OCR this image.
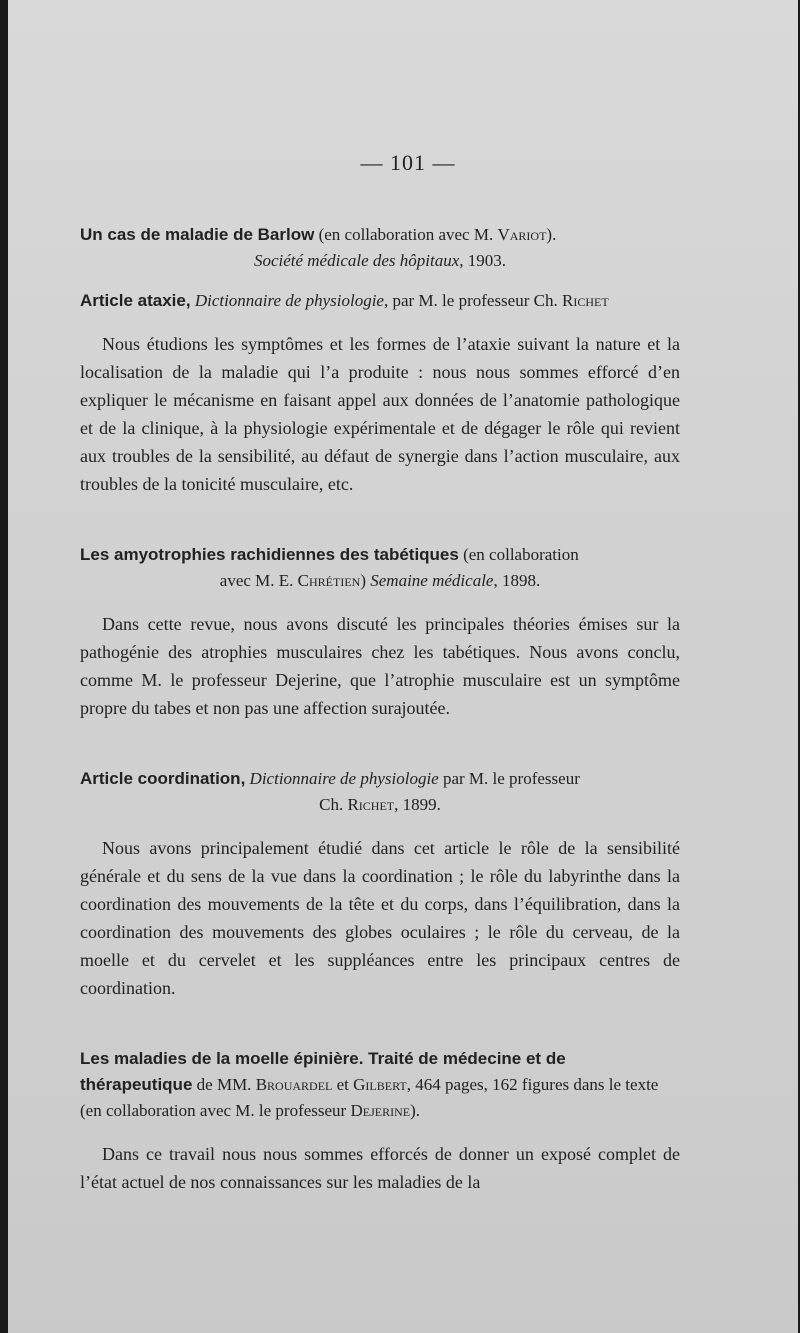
— 101 —

Un cas de maladie de Barlow (en collaboration avec M. Variot).

Société médicale des hôpitaux, 1903.

Article ataxie, Dictionnaire de physiologie, par M. le professeur Ch. Richet

Nous étudions les symptômes et les formes de l’ataxie suivant la nature et la localisation de la maladie qui l’a produite : nous nous sommes efforcé d’en expliquer le mécanisme en faisant appel aux données de l’anatomie pathologique et de la clinique, à la physiologie expérimentale et de dégager le rôle qui revient aux troubles de la sensibilité, au défaut de synergie dans l’action musculaire, aux troubles de la tonicité musculaire, etc.

Les amyotrophies rachidiennes des tabétiques (en collaboration

avec M. E. Chrétien) Semaine médicale, 1898.

Dans cette revue, nous avons discuté les principales théories émises sur la pathogénie des atrophies musculaires chez les tabétiques. Nous avons conclu, comme M. le professeur Dejerine, que l’atrophie musculaire est un symptôme propre du tabes et non pas une affection surajoutée.

Article coordination, Dictionnaire de physiologie par M. le professeur

Ch. Richet, 1899.

Nous avons principalement étudié dans cet article le rôle de la sensibilité générale et du sens de la vue dans la coordination ; le rôle du labyrinthe dans la coordination des mouvements de la tête et du corps, dans l’équilibration, dans la coordination des mouvements des globes oculaires ; le rôle du cerveau, de la moelle et du cervelet et les suppléances entre les principaux centres de coordination.

Les maladies de la moelle épinière. Traité de médecine et de thérapeutique de MM. Brouardel et Gilbert, 464 pages, 162 figures dans le texte (en collaboration avec M. le professeur Dejerine).

Dans ce travail nous nous sommes efforcés de donner un exposé complet de l’état actuel de nos connaissances sur les maladies de la
